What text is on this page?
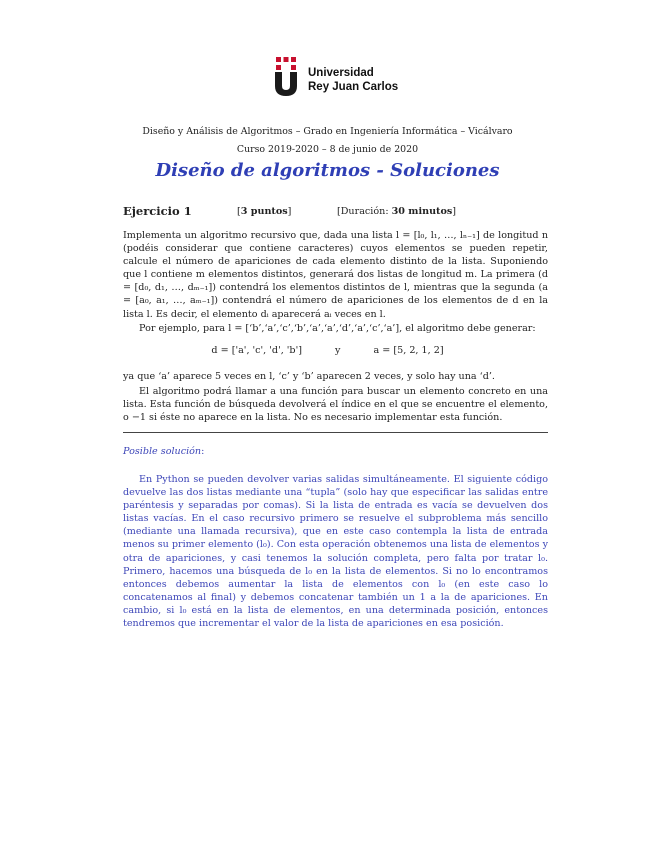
Universidad
Rey Juan Carlos
Diseño y Análisis de Algoritmos – Grado en Ingeniería Informática – Vicálvaro
Curso 2019-2020 – 8 de junio de 2020
Diseño de algoritmos - Soluciones
Ejercicio 1	[3 puntos]	[Duración: 30 minutos]
Implementa un algoritmo recursivo que, dada una lista l = [l₀, l₁, …, lₙ₋₁] de longitud n (podéis considerar que contiene caracteres) cuyos elementos se pueden repetir, calcule el número de apariciones de cada elemento distinto de la lista. Suponiendo que l contiene m elementos distintos, generará dos listas de longitud m. La primera (d = [d₀, d₁, …, dₘ₋₁]) contendrá los elementos distintos de l, mientras que la segunda (a = [a₀, a₁, …, aₘ₋₁]) contendrá el número de apariciones de los elementos de d en la lista l. Es decir, el elemento dᵢ aparecerá aᵢ veces en l.
Por ejemplo, para l = [‘b’,‘a’,‘c’,‘b’,‘a’,‘a’,‘d’,‘a’,‘c’,‘a’], el algoritmo debe generar:
d = ['a', 'c', 'd', 'b']	y	a = [5, 2, 1, 2]
ya que ‘a’ aparece 5 veces en l, ‘c’ y ‘b’ aparecen 2 veces, y solo hay una ‘d’.
El algoritmo podrá llamar a una función para buscar un elemento concreto en una lista. Esta función de búsqueda devolverá el índice en el que se encuentre el elemento, o −1 si éste no aparece en la lista. No es necesario implementar esta función.
Posible solución:
En Python se pueden devolver varias salidas simultáneamente. El siguiente código devuelve las dos listas mediante una “tupla” (solo hay que especificar las salidas entre paréntesis y separadas por comas). Si la lista de entrada es vacía se devuelven dos listas vacías. En el caso recursivo primero se resuelve el subproblema más sencillo (mediante una llamada recursiva), que en este caso contempla la lista de entrada menos su primer elemento (l₀). Con esta operación obtenemos una lista de elementos y otra de apariciones, y casi tenemos la solución completa, pero falta por tratar l₀. Primero, hacemos una búsqueda de l₀ en la lista de elementos. Si no lo encontramos entonces debemos aumentar la lista de elementos con l₀ (en este caso lo concatenamos al final) y debemos concatenar también un 1 a la de apariciones. En cambio, si l₀ está en la lista de elementos, en una determinada posición, entonces tendremos que incrementar el valor de la lista de apariciones en esa posición.
